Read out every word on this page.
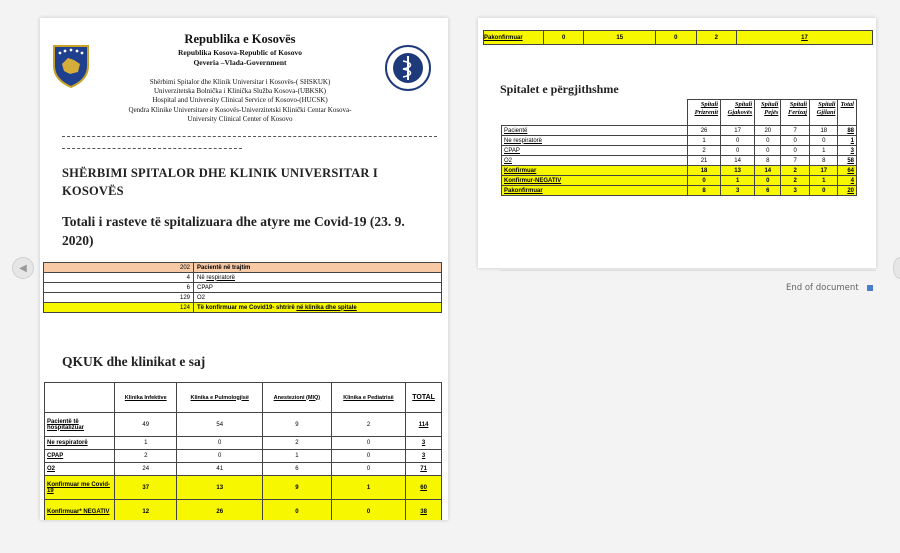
◀
Republika e Kosovës
Republika Kosova-Republic of Kosovo
Qeveria –Vlada-Government
Shërbimi Spitalor dhe Klinik Universitar i Kosovës-( SHSKUK)
Univerzitetska Bolnička i Klinička Služba Kosova-(UBKSK)
Hospital and University Clinical Service of Kosovo-(HUCSK)
Qendra Klinike Universitare e Kosovës-Univerzitetski Klinički Centar Kosova-
University Clinical Center of Kosovo
SHËRBIMI SPITALOR DHE KLINIK UNIVERSITAR I KOSOVËS
Totali i rasteve të spitalizuara dhe atyre me Covid-19 (23. 9. 2020)
202	Pacientë në trajtim
4	Në respiratorë
6	CPAP
129	O2
124	Të konfirmuar me Covid19- shtrirë në klinika dhe spitale
QKUK dhe klinikat e saj
	Klinika Infektive	Klinika e Pulmologjisë	Anestezioni (MIQ)	Klinika e Pediatrisë	TOTAL
Pacientë të hospitalizuar	49	54	9	2	114
Ne respiratorë	1	0	2	0	3
CPAP	2	0	1	0	3
O2	24	41	6	0	71
Konfirmuar me Covid-19	37	13	9	1	60
Konfirmuar* NEGATIV	12	26	0	0	38
Pakonfirmuar	0	15	0	2	17
Spitalet e përgjithshme
	Spitali Prizrenit	Spitali Gjakovës	Spitali Pejës	Spitali Ferizaj	Spitali Gjilani	Total
Pacientë	26	17	20	7	18	88
Ne respiratorë	1	0	0	0	0	1
CPAP	2	0	0	0	1	3
O2	21	14	8	7	8	58
Konfirmuar	18	13	14	2	17	64
Konfirmur-NEGATIV	0	1	0	2	1	4
Pakonfirmuar	8	3	6	3	0	20
End of document
